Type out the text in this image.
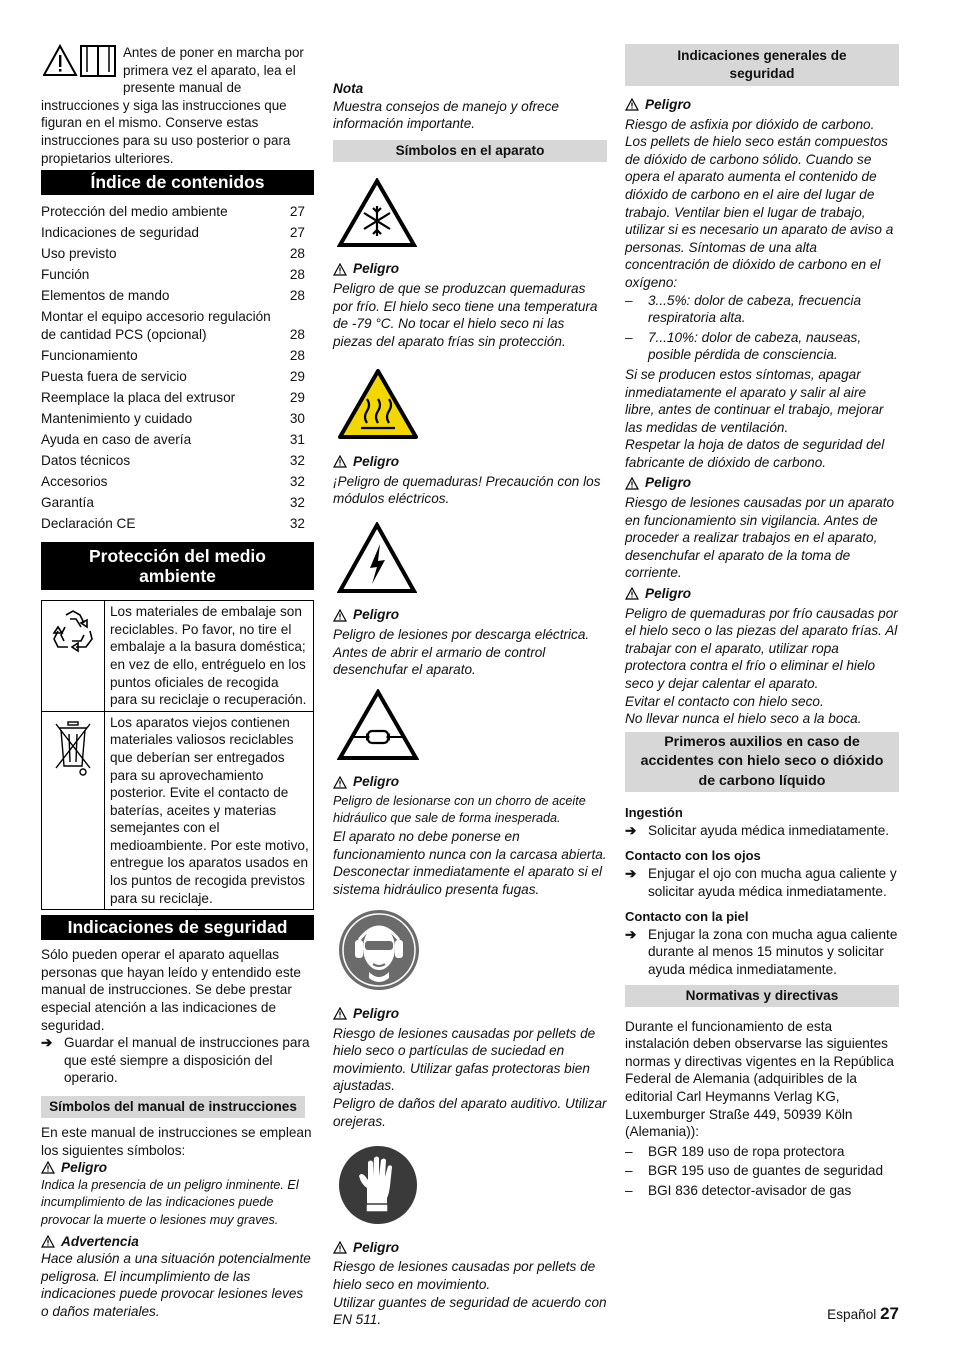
Antes de poner en marcha por primera vez el aparato, lea el presente manual de instrucciones y siga las instrucciones que figuran en el mismo. Conserve estas instrucciones para su uso posterior o para propietarios ulteriores.

Índice de contenidos
Protección del medio ambiente	27
Indicaciones de seguridad	27
Uso previsto	28
Función	28
Elementos de mando	28
Montar el equipo accesorio regulación de cantidad PCS (opcional)	28
Funcionamiento	28
Puesta fuera de servicio	29
Reemplace la placa del extrusor	29
Mantenimiento y cuidado	30
Ayuda en caso de avería	31
Datos técnicos	32
Accesorios	32
Garantía	32
Declaración CE	32
Protección del medio ambiente
	Los materiales de embalaje son reciclables. Po favor, no tire el embalaje a la basura doméstica; en vez de ello, entréguelo en los puntos oficiales de recogida para su reciclaje o recuperación.
	Los aparatos viejos contienen materiales valiosos reciclables que deberían ser entregados para su aprovechamiento posterior. Evite el contacto de baterías, aceites y materias semejantes con el medioambiente. Por este motivo, entregue los aparatos usados en los puntos de recogida previstos para su reciclaje.
Indicaciones de seguridad

Sólo pueden operar el aparato aquellas personas que hayan leído y entendido este manual de instrucciones. Se debe prestar especial atención a las indicaciones de seguridad.

➔ Guardar el manual de instrucciones para que esté siempre a disposición del operario.
Símbolos del manual de instrucciones

En este manual de instrucciones se emplean los siguientes símbolos:

Peligro

Indica la presencia de un peligro inminente. El incumplimiento de las indicaciones puede provocar la muerte o lesiones muy graves.

Advertencia

Hace alusión a una situación potencialmente peligrosa. El incumplimiento de las indicaciones puede provocar lesiones leves o daños materiales.

Nota

Muestra consejos de manejo y ofrece información importante.

Símbolos en el aparato
Peligro

Peligro de que se produzcan quemaduras por frío. El hielo seco tiene una temperatura de -79 °C. No tocar el hielo seco ni las piezas del aparato frías sin protección.

Peligro

¡Peligro de quemaduras! Precaución con los módulos eléctricos.

Peligro

Peligro de lesiones por descarga eléctrica. Antes de abrir el armario de control desenchufar el aparato.

Peligro

Peligro de lesionarse con un chorro de aceite hidráulico que sale de forma inesperada.

El aparato no debe ponerse en funcionamiento nunca con la carcasa abierta. Desconectar inmediatamente el aparato si el sistema hidráulico presenta fugas.

Peligro

Riesgo de lesiones causadas por pellets de hielo seco o partículas de suciedad en movimiento. Utilizar gafas protectoras bien ajustadas.

Peligro de daños del aparato auditivo. Utilizar orejeras.

Peligro

Riesgo de lesiones causadas por pellets de hielo seco en movimiento.

Utilizar guantes de seguridad de acuerdo con EN 511.

Indicaciones generales de seguridad
Peligro

Riesgo de asfixia por dióxido de carbono. Los pellets de hielo seco están compuestos de dióxido de carbono sólido. Cuando se opera el aparato aumenta el contenido de dióxido de carbono en el aire del lugar de trabajo. Ventilar bien el lugar de trabajo, utilizar si es necesario un aparato de aviso a personas. Síntomas de una alta concentración de dióxido de carbono en el oxígeno:

–	3...5%: dolor de cabeza, frecuencia respiratoria alta.
–	7...10%: dolor de cabeza, nauseas, posible pérdida de consciencia.

Si se producen estos síntomas, apagar inmediatamente el aparato y salir al aire libre, antes de continuar el trabajo, mejorar las medidas de ventilación.

Respetar la hoja de datos de seguridad del fabricante de dióxido de carbono.

Peligro

Riesgo de lesiones causadas por un aparato en funcionamiento sin vigilancia. Antes de proceder a realizar trabajos en el aparato, desenchufar el aparato de la toma de corriente.

Peligro

Peligro de quemaduras por frío causadas por el hielo seco o las piezas del aparato frías. Al trabajar con el aparato, utilizar ropa protectora contra el frío o eliminar el hielo seco y dejar calentar el aparato.

Evitar el contacto con hielo seco.

No llevar nunca el hielo seco a la boca.

Primeros auxilios en caso de accidentes con hielo seco o dióxido de carbono líquido

Ingestión

➔ Solicitar ayuda médica inmediatamente.

Contacto con los ojos

➔ Enjugar el ojo con mucha agua caliente y solicitar ayuda médica inmediatamente.

Contacto con la piel

➔ Enjugar la zona con mucha agua caliente durante al menos 15 minutos y solicitar ayuda médica inmediatamente.
Normativas y directivas

Durante el funcionamiento de esta instalación deben observarse las siguientes normas y directivas vigentes en la República Federal de Alemania (adquiribles de la editorial Carl Heymanns Verlag KG, Luxemburger Straße 449, 50939 Köln (Alemania)):

–	BGR 189 uso de ropa protectora
–	BGR 195 uso de guantes de seguridad
–	BGI 836 detector-avisador de gas
Español 27
